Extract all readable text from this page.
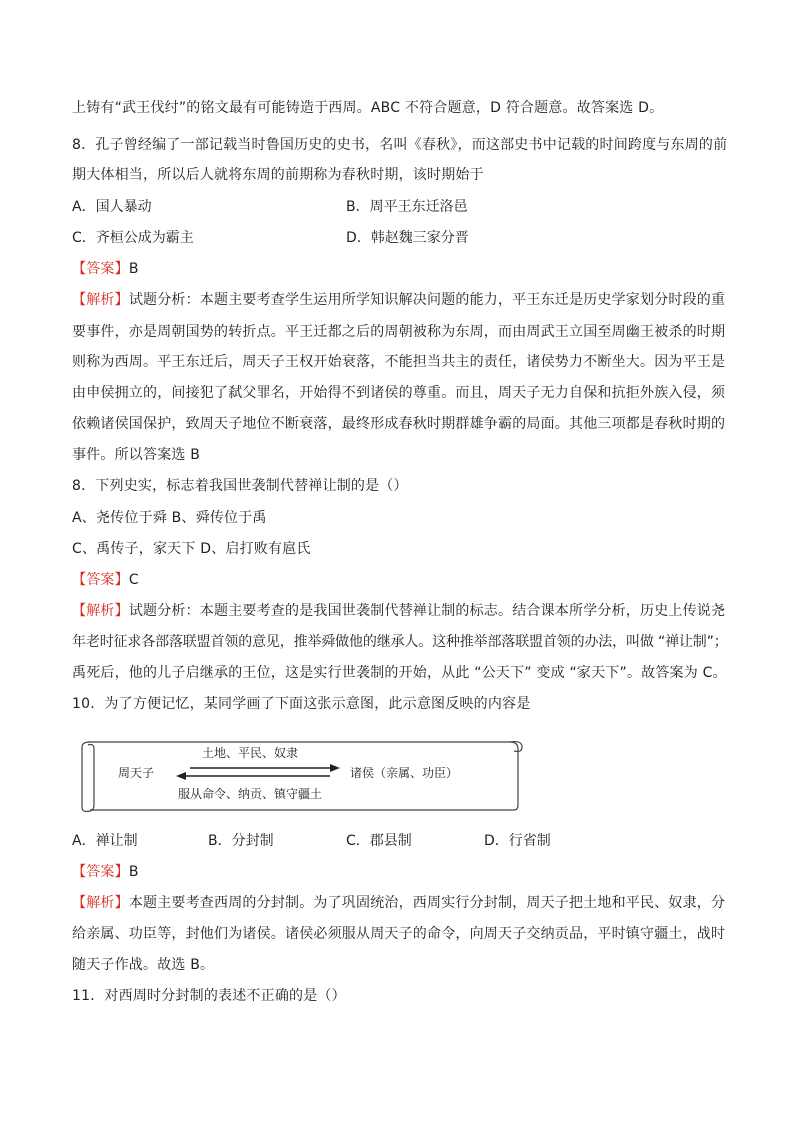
上铸有“武王伐纣”的铭文最有可能铸造于西周。ABC 不符合题意，D 符合题意。故答案选 D。
8．孔子曾经编了一部记载当时鲁国历史的史书，名叫《春秋》，而这部史书中记载的时间跨度与东周的前
期大体相当，所以后人就将东周的前期称为春秋时期，该时期始于
A．国人暴动	B．周平王东迁洛邑
C．齐桓公成为霸主	D．韩赵魏三家分晋
【答案】B
【解析】试题分析：本题主要考查学生运用所学知识解决问题的能力，平王东迁是历史学家划分时段的重
要事件，亦是周朝国势的转折点。平王迁都之后的周朝被称为东周，而由周武王立国至周幽王被杀的时期
则称为西周。平王东迁后，周天子王权开始衰落，不能担当共主的责任，诸侯势力不断坐大。因为平王是
由申侯拥立的，间接犯了弑父罪名，开始得不到诸侯的尊重。而且，周天子无力自保和抗拒外族入侵，须
依赖诸侯国保护，致周天子地位不断衰落，最终形成春秋时期群雄争霸的局面。其他三项都是春秋时期的
事件。所以答案选 B
8．下列史实，标志着我国世袭制代替禅让制的是（）
A、尧传位于舜 B、舜传位于禹
C、禹传子，家天下 D、启打败有扈氏
【答案】C
【解析】试题分析：本题主要考查的是我国世袭制代替禅让制的标志。结合课本所学分析，历史上传说尧
年老时征求各部落联盟首领的意见，推举舜做他的继承人。这种推举部落联盟首领的办法，叫做 “禅让制”；
禹死后，他的儿子启继承的王位，这是实行世袭制的开始，从此 “公天下” 变成 “家天下”。故答案为 C。
10．为了方便记忆，某同学画了下面这张示意图，此示意图反映的内容是
周天子
土地、平民、奴隶
诸侯（亲属、功臣）
服从命令、纳贡、镇守疆土
A．禅让制	B．分封制	C．郡县制	D．行省制
【答案】B
【解析】本题主要考查西周的分封制。为了巩固统治，西周实行分封制，周天子把土地和平民、奴隶，分
给亲属、功臣等，封他们为诸侯。诸侯必须服从周天子的命令，向周天子交纳贡品，平时镇守疆土，战时
随天子作战。故选 B。
11．对西周时分封制的表述不正确的是（）
